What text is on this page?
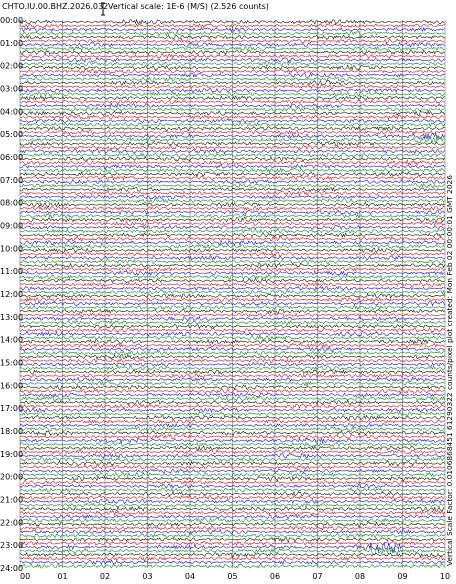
CHTO.IU.00.BHZ.2026.032 Vertical scale: 1E-6 (M/S) (2.526 counts)
00:00
01:00
02:00
03:00
04:00
05:00
06:00
07:00
08:00
09:00
10:00
11:00
12:00
13:00
14:00
15:00
16:00
17:00
18:00
19:00
20:00
21:00
22:00
23:00
24:00
00	01	02	03	04	05	06	07	08	09	10
Vertical Scale Factor: 0.0106868451 61290322 counts/pixel plot created: Mon Feb 02 00:00:01 GMT 2026
